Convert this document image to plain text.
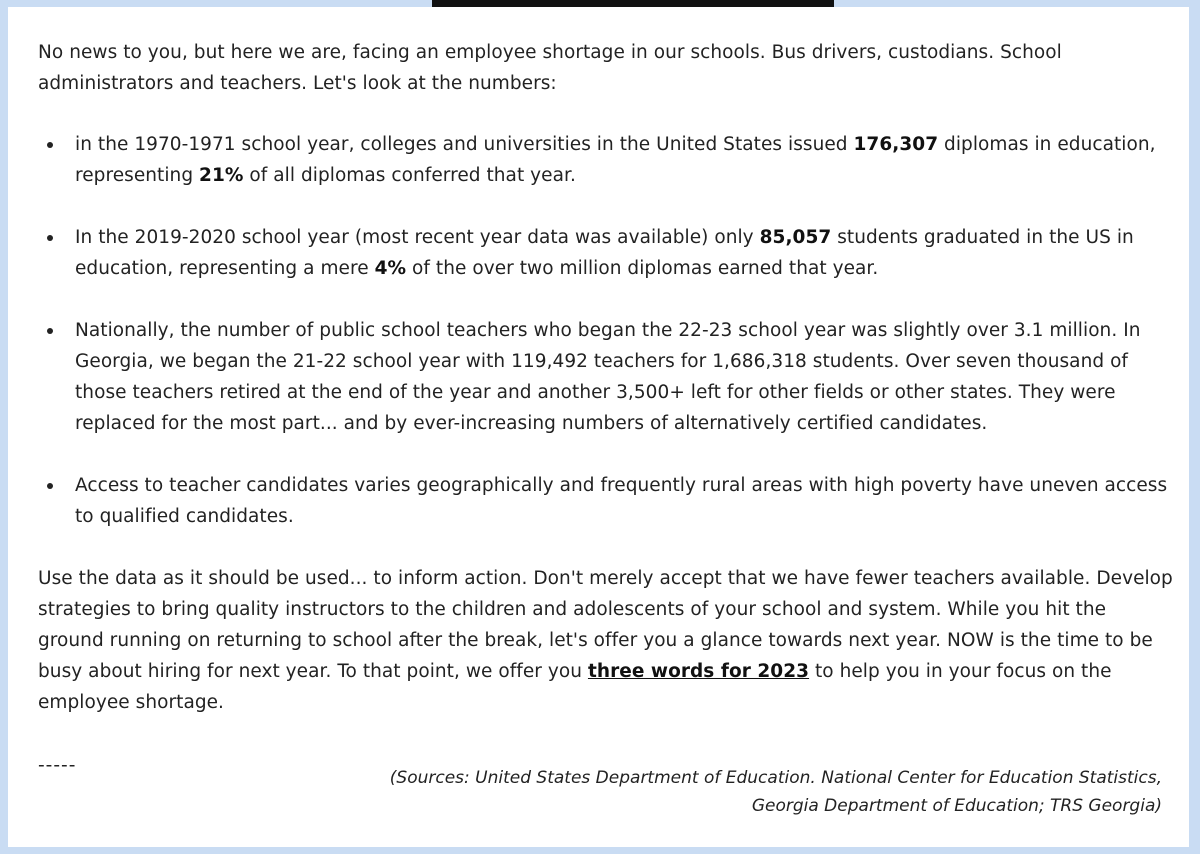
No news to you, but here we are, facing an employee shortage in our schools. Bus drivers, custodians. School administrators and teachers. Let's look at the numbers:

in the 1970-1971 school year, colleges and universities in the United States issued 176,307 diplomas in education, representing 21% of all diplomas conferred that year.
In the 2019-2020 school year (most recent year data was available) only 85,057 students graduated in the US in education, representing a mere 4% of the over two million diplomas earned that year.
Nationally, the number of public school teachers who began the 22-23 school year was slightly over 3.1 million. In Georgia, we began the 21-22 school year with 119,492 teachers for 1,686,318 students. Over seven thousand of those teachers retired at the end of the year and another 3,500+ left for other fields or other states. They were replaced for the most part... and by ever-increasing numbers of alternatively certified candidates.
Access to teacher candidates varies geographically and frequently rural areas with high poverty have uneven access to qualified candidates.

Use the data as it should be used... to inform action. Don't merely accept that we have fewer teachers available. Develop strategies to bring quality instructors to the children and adolescents of your school and system. While you hit the ground running on returning to school after the break, let's offer you a glance towards next year. NOW is the time to be busy about hiring for next year. To that point, we offer you three words for 2023 to help you in your focus on the employee shortage.

-----
(Sources: United States Department of Education. National Center for Education Statistics,
Georgia Department of Education; TRS Georgia)
